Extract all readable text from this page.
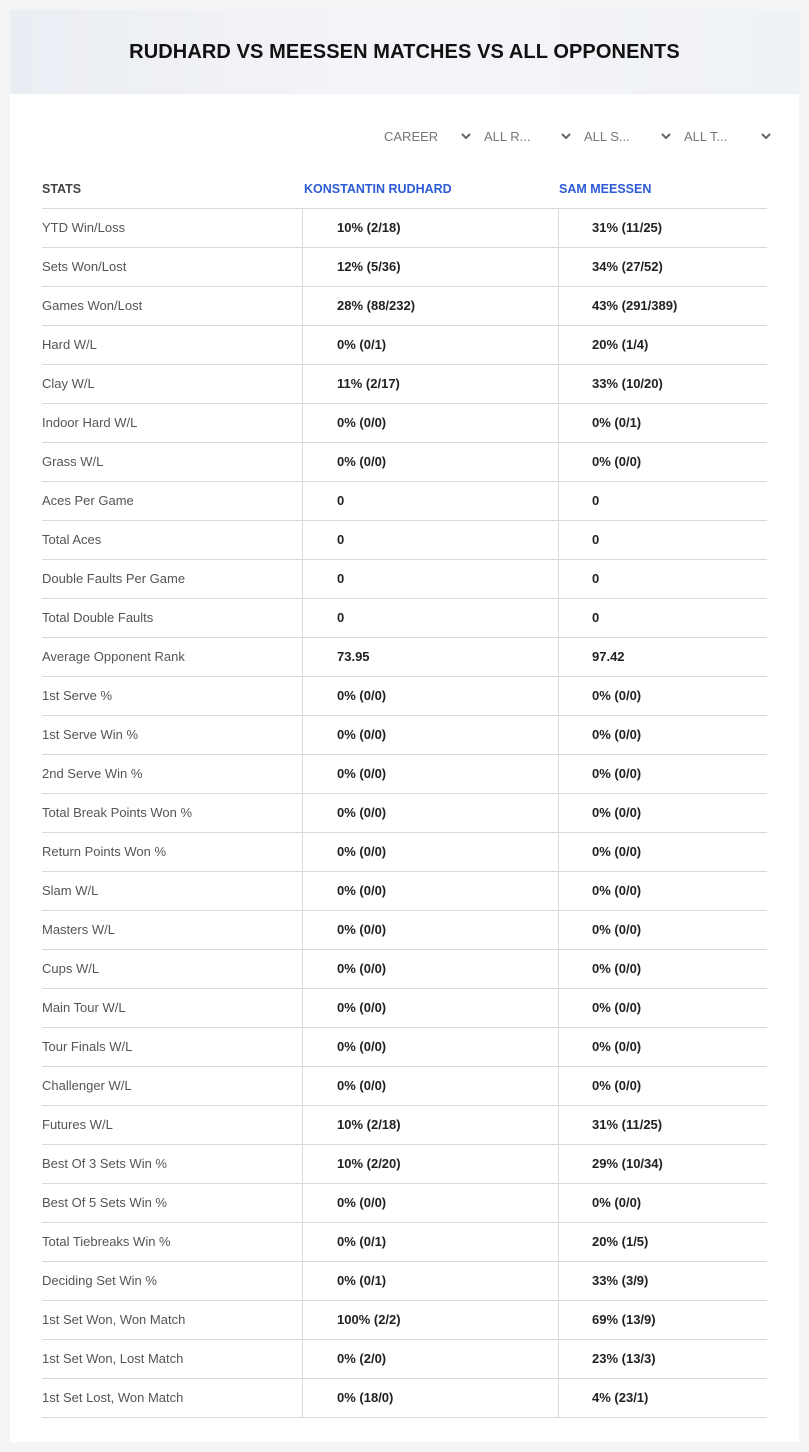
RUDHARD VS MEESSEN MATCHES VS ALL OPPONENTS
CAREER	ALL R...	ALL S...	ALL T...
STATS	KONSTANTIN RUDHARD	SAM MEESSEN
YTD Win/Loss	10% (2/18)	31% (11/25)
Sets Won/Lost	12% (5/36)	34% (27/52)
Games Won/Lost	28% (88/232)	43% (291/389)
Hard W/L	0% (0/1)	20% (1/4)
Clay W/L	11% (2/17)	33% (10/20)
Indoor Hard W/L	0% (0/0)	0% (0/1)
Grass W/L	0% (0/0)	0% (0/0)
Aces Per Game	0	0
Total Aces	0	0
Double Faults Per Game	0	0
Total Double Faults	0	0
Average Opponent Rank	73.95	97.42
1st Serve %	0% (0/0)	0% (0/0)
1st Serve Win %	0% (0/0)	0% (0/0)
2nd Serve Win %	0% (0/0)	0% (0/0)
Total Break Points Won %	0% (0/0)	0% (0/0)
Return Points Won %	0% (0/0)	0% (0/0)
Slam W/L	0% (0/0)	0% (0/0)
Masters W/L	0% (0/0)	0% (0/0)
Cups W/L	0% (0/0)	0% (0/0)
Main Tour W/L	0% (0/0)	0% (0/0)
Tour Finals W/L	0% (0/0)	0% (0/0)
Challenger W/L	0% (0/0)	0% (0/0)
Futures W/L	10% (2/18)	31% (11/25)
Best Of 3 Sets Win %	10% (2/20)	29% (10/34)
Best Of 5 Sets Win %	0% (0/0)	0% (0/0)
Total Tiebreaks Win %	0% (0/1)	20% (1/5)
Deciding Set Win %	0% (0/1)	33% (3/9)
1st Set Won, Won Match	100% (2/2)	69% (13/9)
1st Set Won, Lost Match	0% (2/0)	23% (13/3)
1st Set Lost, Won Match	0% (18/0)	4% (23/1)
